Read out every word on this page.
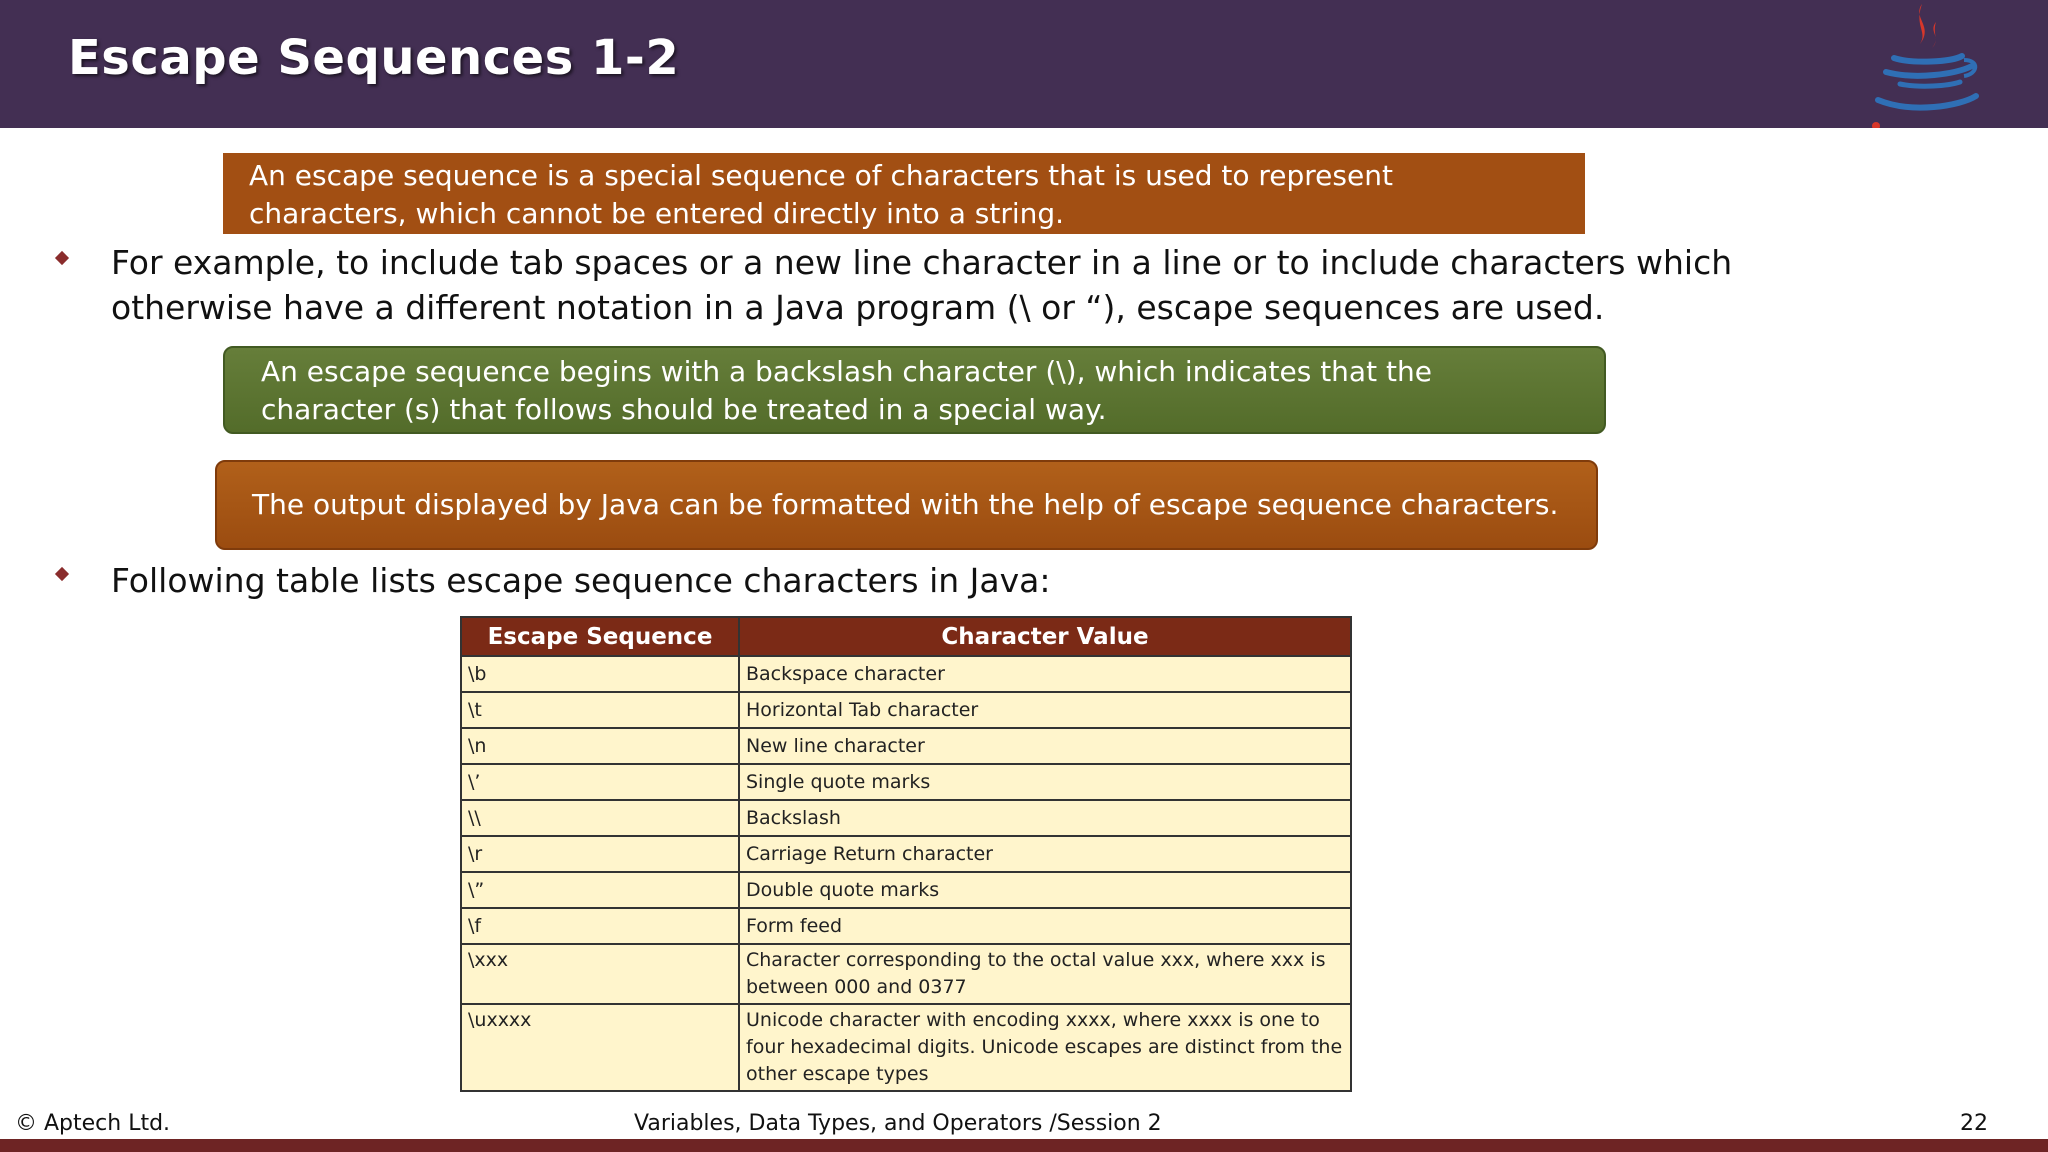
Escape Sequences 1-2
An escape sequence is a special sequence of characters that is used to represent characters, which cannot be entered directly into a string.

For example, to include tab spaces or a new line character in a line or to include characters which otherwise have a different notation in a Java program (\ or “), escape sequences are used.

An escape sequence begins with a backslash character (\), which indicates that the character (s) that follows should be treated in a special way.
The output displayed by Java can be formatted with the help of escape sequence characters.

Following table lists escape sequence characters in Java:

Escape Sequence	Character Value
\b	Backspace character
\t	Horizontal Tab character
\n	New line character
\’	Single quote marks
\\	Backslash
\r	Carriage Return character
\”	Double quote marks
\f	Form feed
\xxx	Character corresponding to the octal value xxx, where xxx is between 000 and 0377
\uxxxx	Unicode character with encoding xxxx, where xxxx is one to four hexadecimal digits. Unicode escapes are distinct from the other escape types
© Aptech Ltd.	Variables, Data Types, and Operators /Session 2	22
